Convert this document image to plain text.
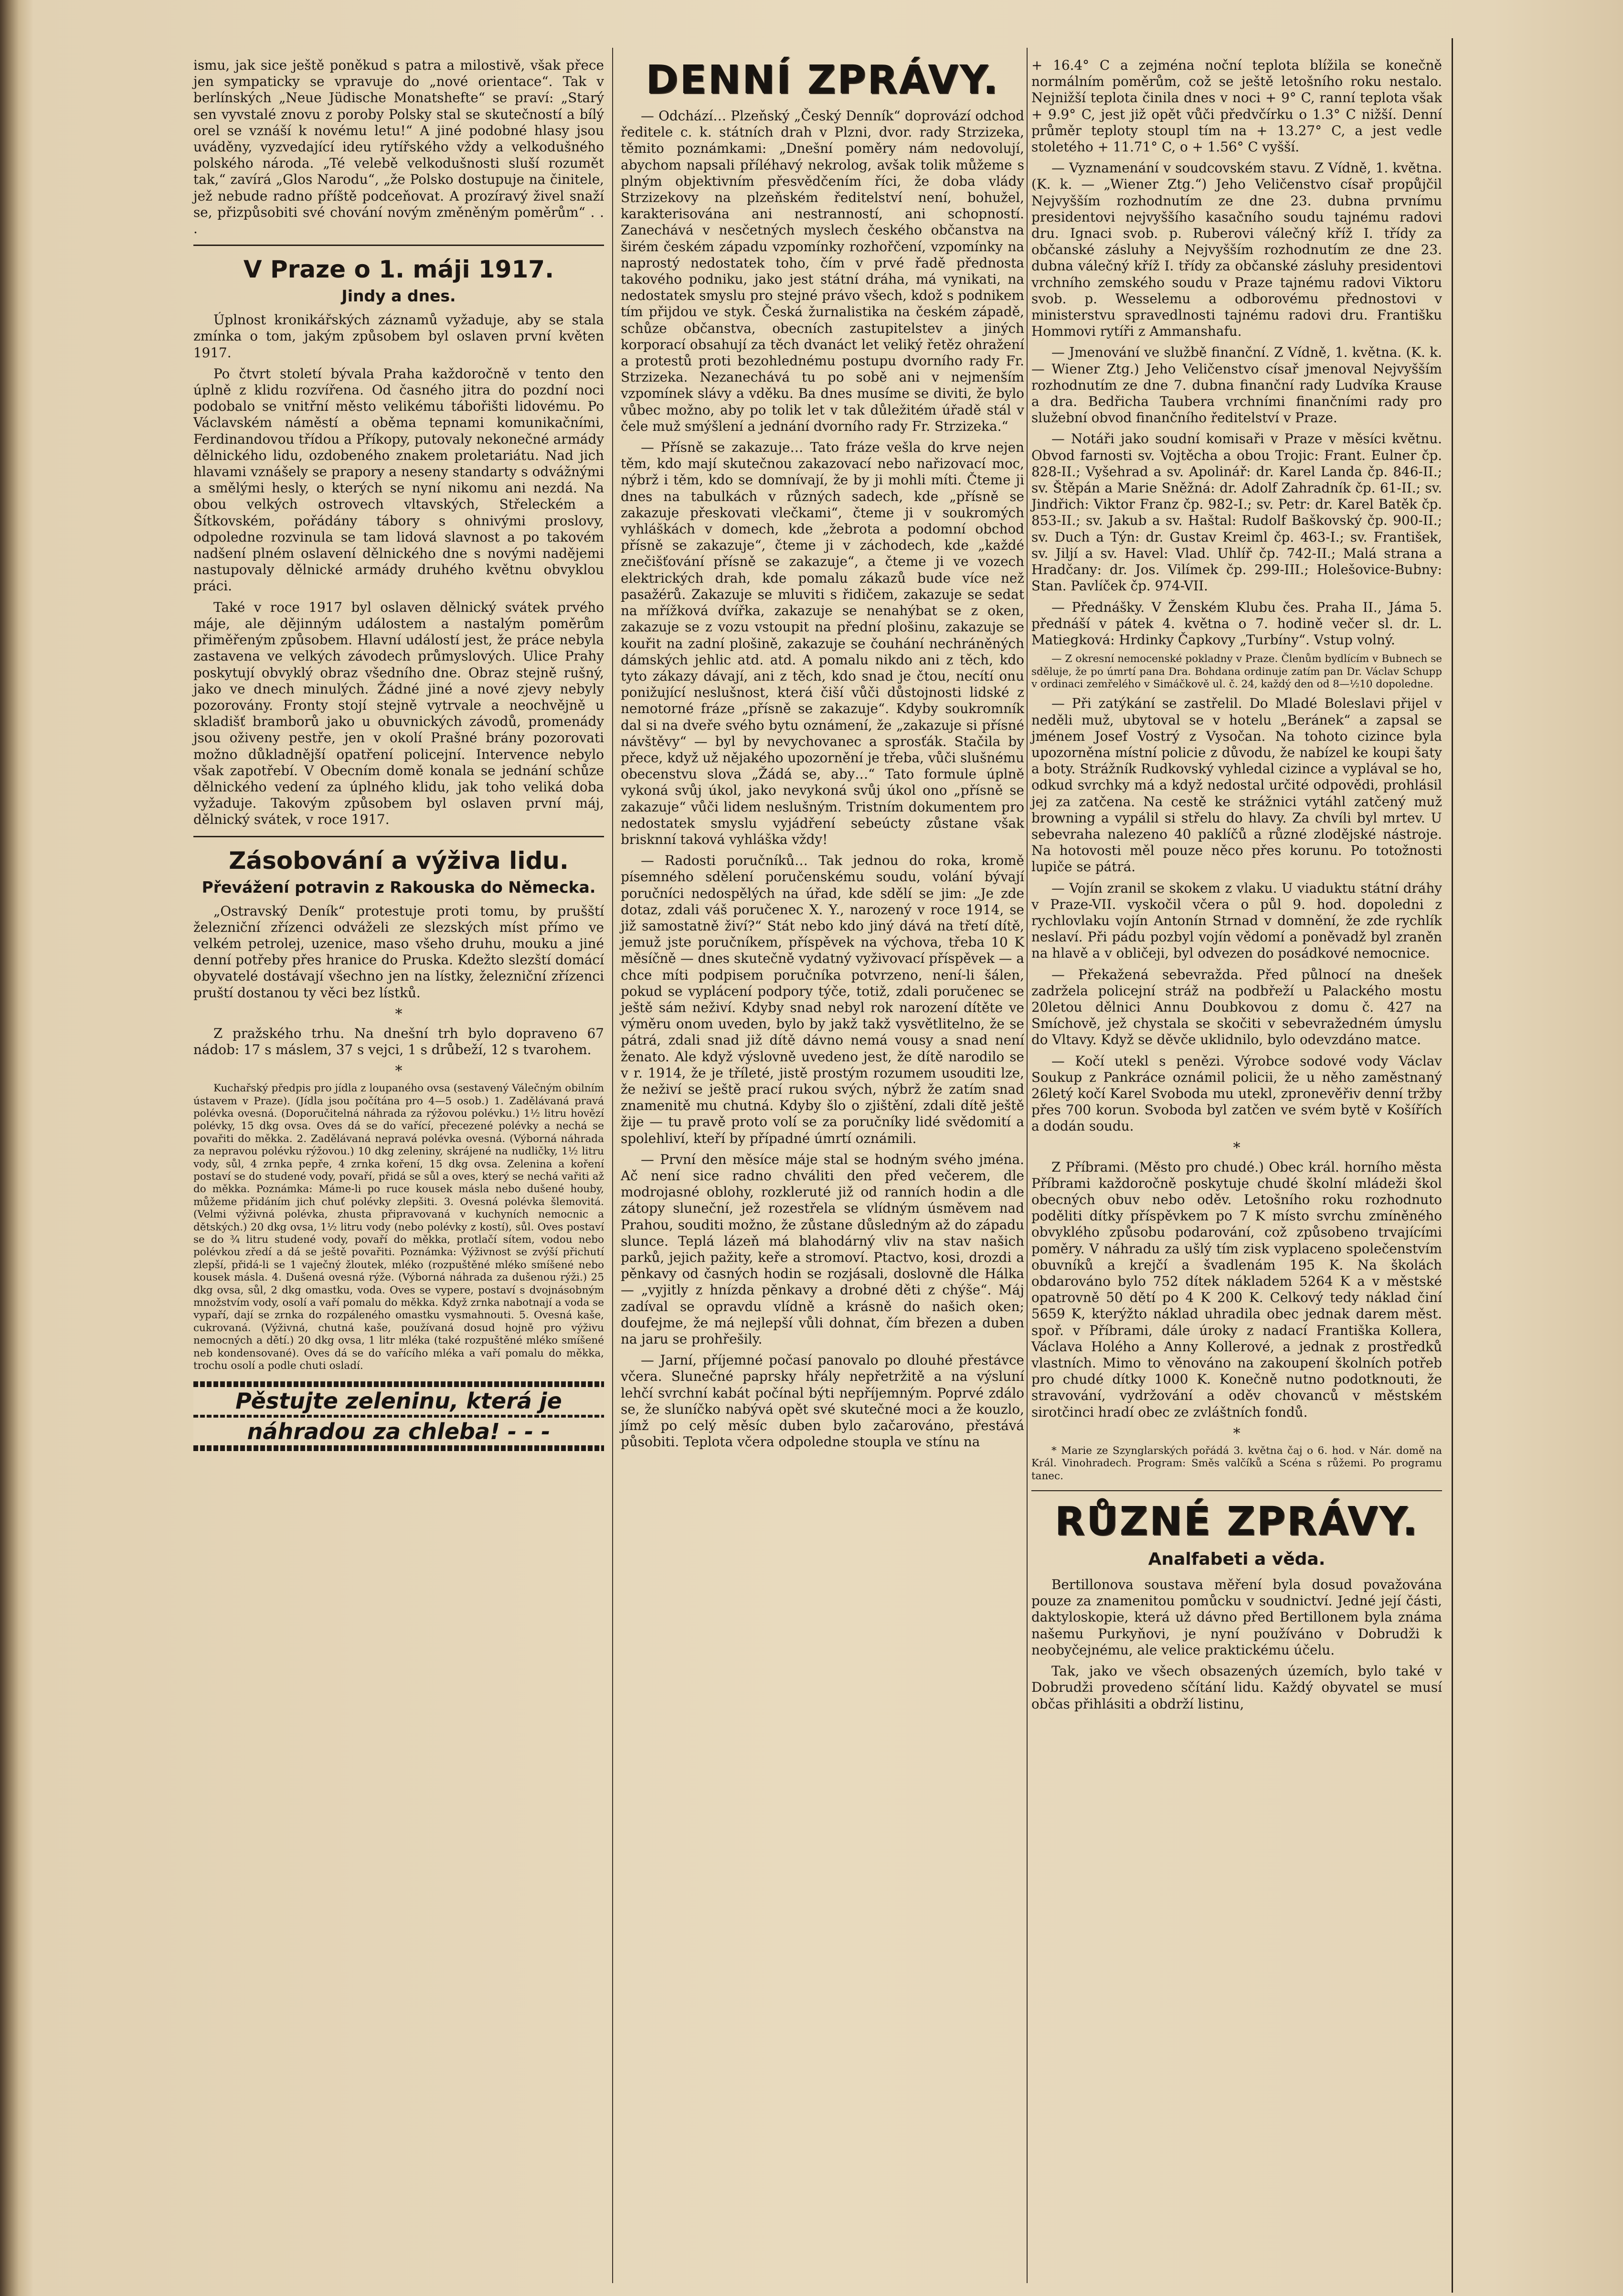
ismu, jak sice ještě poněkud s patra a milostivě, však přece jen sympaticky se vpravuje do „nové orientace“. Tak v berlínských „Neue Jüdische Monatshefte“ se praví: „Starý sen vyvstalé znovu z poroby Polsky stal se skutečností a bílý orel se vznáší k novému letu!“ A jiné podobné hlasy jsou uváděny, vyzvedající ideu rytířského vždy a velkodušného polského národa. „Té velebě velkodušnosti sluší rozumět tak,“ zavírá „Glos Narodu“, „že Polsko dostupuje na činitele, jež nebude radno příště podceňovat. A prozíravý živel snaží se, přizpůsobiti své chování novým změněným poměrům“ . . .

V Praze o 1. máji 1917.
Jindy a dnes.

Úplnost kronikářských záznamů vyžaduje, aby se stala zmínka o tom, jakým způsobem byl oslaven první květen 1917.

Po čtvrt století bývala Praha každoročně v tento den úplně z klidu rozvířena. Od časného jitra do pozdní noci podobalo se vnitřní město velikému tábořišti lidovému. Po Václavském náměstí a oběma tepnami komunikačními, Ferdinandovou třídou a Příkopy, putovaly nekonečné armády dělnického lidu, ozdobeného znakem proletariátu. Nad jich hlavami vznášely se prapory a neseny standarty s odvážnými a smělými hesly, o kterých se nyní nikomu ani nezdá. Na obou velkých ostrovech vltavských, Střeleckém a Šítkovském, pořádány tábory s ohnivými proslovy, odpoledne rozvinula se tam lidová slavnost a po takovém nadšení plném oslavení dělnického dne s novými nadějemi nastupovaly dělnické armády druhého květnu obvyklou práci.

Také v roce 1917 byl oslaven dělnický svátek prvého máje, ale dějinným událostem a nastalým poměrům přiměřeným způsobem. Hlavní událostí jest, že práce nebyla zastavena ve velkých závodech průmyslových. Ulice Prahy poskytují obvyklý obraz všedního dne. Obraz stejně rušný, jako ve dnech minulých. Žádné jiné a nové zjevy nebyly pozorovány. Fronty stojí stejně vytrvale a neochvějně u skladišť bramborů jako u obuvnických závodů, promenády jsou oživeny pestře, jen v okolí Prašné brány pozorovati možno důkladnější opatření policejní. Intervence nebylo však zapotřebí. V Obecním domě konala se jednání schůze dělnického vedení za úplného klidu, jak toho veliká doba vyžaduje. Takovým způsobem byl oslaven první máj, dělnický svátek, v roce 1917.

Zásobování a výživa lidu.
Převážení potravin z Rakouska do Německa.

„Ostravský Deník“ protestuje proti tomu, by prušští železniční zřízenci odváželi ze slezských míst přímo ve velkém petrolej, uzenice, maso všeho druhu, mouku a jiné denní potřeby přes hranice do Pruska. Kdežto slezští domácí obyvatelé dostávají všechno jen na lístky, železniční zřízenci pruští dostanou ty věci bez lístků.

*

Z pražského trhu. Na dnešní trh bylo dopraveno 67 nádob: 17 s máslem, 37 s vejci, 1 s drůbeží, 12 s tvarohem.

*

Kuchařský předpis pro jídla z loupaného ovsa (sestavený Válečným obilním ústavem v Praze). (Jídla jsou počítána pro 4—5 osob.) 1. Zadělávaná pravá polévka ovesná. (Doporučitelná náhrada za rýžovou polévku.) 1½ litru hovězí polévky, 15 dkg ovsa. Oves dá se do vařící, přecezené polévky a nechá se povařiti do měkka. 2. Zadělávaná nepravá polévka ovesná. (Výborná náhrada za nepravou polévku rýžovou.) 10 dkg zeleniny, skrájené na nudličky, 1½ litru vody, sůl, 4 zrnka pepře, 4 zrnka koření, 15 dkg ovsa. Zelenina a koření postaví se do studené vody, povaří, přidá se sůl a oves, který se nechá vařiti až do měkka. Poznámka: Máme-li po ruce kousek másla nebo dušené houby, můžeme přidáním jich chuť polévky zlepšiti. 3. Ovesná polévka šlemovitá. (Velmi výživná polévka, zhusta připravovaná v kuchyních nemocnic a dětských.) 20 dkg ovsa, 1½ litru vody (nebo polévky z kostí), sůl. Oves postaví se do ¾ litru studené vody, povaří do měkka, protlačí sítem, vodou nebo polévkou zředí a dá se ještě povařiti. Poznámka: Výživnost se zvýší přichutí zlepší, přidá-li se 1 vaječný žloutek, mléko (rozpuštěné mléko smíšené nebo kousek másla. 4. Dušená ovesná rýže. (Výborná náhrada za dušenou rýži.) 25 dkg ovsa, sůl, 2 dkg omastku, voda. Oves se vypere, postaví s dvojnásobným množstvím vody, osolí a vaří pomalu do měkka. Když zrnka nabotnají a voda se vypaří, dají se zrnka do rozpáleného omastku vysmahnouti. 5. Ovesná kaše, cukrovaná. (Výživná, chutná kaše, používaná dosud hojně pro výživu nemocných a dětí.) 20 dkg ovsa, 1 litr mléka (také rozpuštěné mléko smíšené neb kondensované). Oves dá se do vařícího mléka a vaří pomalu do měkka, trochu osolí a podle chuti osladí.

Pěstujte zeleninu, která je
náhradou za chleba! - - -
DENNÍ ZPRÁVY.

— Odchází… Plzeňský „Český Denník“ doprovází odchod ředitele c. k. státních drah v Plzni, dvor. rady Strzizeka, těmito poznámkami: „Dnešní poměry nám nedovolují, abychom napsali příléhavý nekrolog, avšak tolik můžeme s plným objektivním přesvědčením říci, že doba vlády Strzizekovy na plzeňském ředitelství není, bohužel, karakterisována ani nestranností, ani schopností. Zanechává v nesčetných myslech českého občanstva na širém českém západu vzpomínky rozhořčení, vzpomínky na naprostý nedostatek toho, čím v prvé řadě přednosta takového podniku, jako jest státní dráha, má vynikati, na nedostatek smyslu pro stejné právo všech, kdož s podnikem tím přijdou ve styk. Česká žurnalistika na českém západě, schůze občanstva, obecních zastupitelstev a jiných korporací obsahují za těch dvanáct let veliký řetěz ohražení a protestů proti bezohlednému postupu dvorního rady Fr. Strzizeka. Nezanechává tu po sobě ani v nejmenším vzpomínek slávy a vděku. Ba dnes musíme se diviti, že bylo vůbec možno, aby po tolik let v tak důležitém úřadě stál v čele muž smýšlení a jednání dvorního rady Fr. Strzizeka.“

— Přísně se zakazuje… Tato fráze vešla do krve nejen těm, kdo mají skutečnou zakazovací nebo nařizovací moc, nýbrž i těm, kdo se domnívají, že by ji mohli míti. Čteme ji dnes na tabulkách v různých sadech, kde „přísně se zakazuje přeskovati vlečkami“, čteme ji v soukromých vyhláškách v domech, kde „žebrota a podomní obchod přísně se zakazuje“, čteme ji v záchodech, kde „každé znečišťování přísně se zakazuje“, a čteme ji ve vozech elektrických drah, kde pomalu zákazů bude více než pasažérů. Zakazuje se mluviti s řidičem, zakazuje se sedat na mřížková dvířka, zakazuje se nenahýbat se z oken, zakazuje se z vozu vstoupit na přední plošinu, zakazuje se kouřit na zadní plošině, zakazuje se čouhání nechráněných dámských jehlic atd. atd. A pomalu nikdo ani z těch, kdo tyto zákazy dávají, ani z těch, kdo snad je čtou, necítí onu ponižující neslušnost, která čiší vůči důstojnosti lidské z nemotorné fráze „přísně se zakazuje“. Kdyby soukromník dal si na dveře svého bytu oznámení, že „zakazuje si přísné návštěvy“ — byl by nevychovanec a sprosťák. Stačila by přece, když už nějakého upozornění je třeba, vůči slušnému obecenstvu slova „Žádá se, aby…“ Tato formule úplně vykoná svůj úkol, jako nevykoná svůj úkol ono „přísně se zakazuje“ vůči lidem neslušným. Tristním dokumentem pro nedostatek smyslu vyjádření sebeúcty zůstane však brisknní taková vyhláška vždy!

— Radosti poručníků… Tak jednou do roka, kromě písemného sdělení poručenskému soudu, volání bývají poručníci nedospělých na úřad, kde sdělí se jim: „Je zde dotaz, zdali váš poručenec X. Y., narozený v roce 1914, se již samostatně živí?“ Stát nebo kdo jiný dává na třetí dítě, jemuž jste poručníkem, příspěvek na výchova, třeba 10 K měsíčně — dnes skutečně vydatný vyživovací příspěvek — a chce míti podpisem poručníka potvrzeno, není-li šálen, pokud se vyplácení podpory týče, totiž, zdali poručenec se ještě sám neživí. Kdyby snad nebyl rok narození dítěte ve výměru onom uveden, bylo by jakž takž vysvětlitelno, že se pátrá, zdali snad již dítě dávno nemá vousy a snad není ženato. Ale když výslovně uvedeno jest, že dítě narodilo se v r. 1914, že je tříleté, jistě prostým rozumem usouditi lze, že neživí se ještě prací rukou svých, nýbrž že zatím snad znamenitě mu chutná. Kdyby šlo o zjištění, zdali dítě ještě žije — tu pravě proto volí se za poručníky lidé svědomití a spolehliví, kteří by případné úmrtí oznámili.

— První den měsíce máje stal se hodným svého jména. Ač není sice radno chváliti den před večerem, dle modrojasné oblohy, rozkleruté již od ranních hodin a dle zátopy sluneční, jež rozestřela se vlídným úsměvem nad Prahou, souditi možno, že zůstane důsledným až do západu slunce. Teplá lázeň má blahodárný vliv na stav našich parků, jejich pažity, keře a stromoví. Ptactvo, kosi, drozdi a pěnkavy od časných hodin se rozjásali, doslovně dle Hálka — „vyjitly z hnízda pěnkavy a drobné děti z chýše“. Máj zadíval se opravdu vlídně a krásně do našich oken; doufejme, že má nejlepší vůli dohnat, čím březen a duben na jaru se prohřešily.

— Jarní, příjemné počasí panovalo po dlouhé přestávce včera. Slunečné paprsky hřály nepřetržitě a na výsluní lehčí svrchní kabát počínal býti nepříjemným. Poprvé zdálo se, že sluníčko nabývá opět své skutečné moci a že kouzlo, jímž po celý měsíc duben bylo začarováno, přestává působiti. Teplota včera odpoledne stoupla ve stínu na

+ 16.4° C a zejména noční teplota blížila se konečně normálním poměrům, což se ještě letošního roku nestalo. Nejnižší teplota činila dnes v noci + 9° C, ranní teplota však + 9.9° C, jest již opět vůči předvčírku o 1.3° C nižší. Denní průměr teploty stoupl tím na + 13.27° C, a jest vedle stoletého + 11.71° C, o + 1.56° C vyšší.

— Vyznamenání v soudcovském stavu. Z Vídně, 1. května. (K. k. — „Wiener Ztg.“) Jeho Veličenstvo císař propůjčil Nejvyšším rozhodnutím ze dne 23. dubna prvnímu presidentovi nejvyššího kasačního soudu tajnému radovi dru. Ignaci svob. p. Ruberovi válečný kříž I. třídy za občanské zásluhy a Nejvyšším rozhodnutím ze dne 23. dubna válečný kříž I. třídy za občanské zásluhy presidentovi vrchního zemského soudu v Praze tajnému radovi Viktoru svob. p. Wesselemu a odborovému přednostovi v ministerstvu spravedlnosti tajnému radovi dru. Františku Hommovi rytíři z Ammanshafu.

— Jmenování ve službě finanční. Z Vídně, 1. května. (K. k. — Wiener Ztg.) Jeho Veličenstvo císař jmenoval Nejvyšším rozhodnutím ze dne 7. dubna finanční rady Ludvíka Krause a dra. Bedřicha Taubera vrchními finančními rady pro služební obvod finančního ředitelství v Praze.

— Notáři jako soudní komisaři v Praze v měsíci květnu. Obvod farnosti sv. Vojtěcha a obou Trojic: Frant. Eulner čp. 828-II.; Vyšehrad a sv. Apolinář: dr. Karel Landa čp. 846-II.; sv. Štěpán a Marie Sněžná: dr. Adolf Zahradník čp. 61-II.; sv. Jindřich: Viktor Franz čp. 982-I.; sv. Petr: dr. Karel Batěk čp. 853-II.; sv. Jakub a sv. Haštal: Rudolf Baškovský čp. 900-II.; sv. Duch a Týn: dr. Gustav Kreiml čp. 463-I.; sv. František, sv. Jiljí a sv. Havel: Vlad. Uhlíř čp. 742-II.; Malá strana a Hradčany: dr. Jos. Vilímek čp. 299-III.; Holešovice-Bubny: Stan. Pavlíček čp. 974-VII.

— Přednášky. V Ženském Klubu čes. Praha II., Jáma 5. přednáší v pátek 4. května o 7. hodině večer sl. dr. L. Matiegková: Hrdinky Čapkovy „Turbíny“. Vstup volný.

— Z okresní nemocenské pokladny v Praze. Členům bydlícím v Bubnech se sděluje, že po úmrtí pana Dra. Bohdana ordinuje zatím pan Dr. Václav Schupp v ordinaci zemřelého v Simáčkově ul. č. 24, každý den od 8—½10 dopoledne.

— Při zatýkání se zastřelil. Do Mladé Boleslavi přijel v neděli muž, ubytoval se v hotelu „Beránek“ a zapsal se jménem Josef Vostrý z Vysočan. Na tohoto cizince byla upozorněna místní policie z důvodu, že nabízel ke koupi šaty a boty. Strážník Rudkovský vyhledal cizince a vyplával se ho, odkud svrchky má a když nedostal určité odpovědi, prohlásil jej za zatčena. Na cestě ke strážnici vytáhl zatčený muž browning a vypálil si střelu do hlavy. Za chvíli byl mrtev. U sebevraha nalezeno 40 paklíčů a různé zlodějské nástroje. Na hotovosti měl pouze něco přes korunu. Po totožnosti lupiče se pátrá.

— Vojín zranil se skokem z vlaku. U viaduktu státní dráhy v Praze-VII. vyskočil včera o půl 9. hod. dopoledni z rychlovlaku vojín Antonín Strnad v domnění, že zde rychlík neslaví. Při pádu pozbyl vojín vědomí a poněvadž byl zraněn na hlavě a v obličeji, byl odvezen do posádkové nemocnice.

— Překažená sebevražda. Před půlnocí na dnešek zadržela policejní stráž na podbřeží u Palackého mostu 20letou dělnici Annu Doubkovou z domu č. 427 na Smíchově, jež chystala se skočiti v sebevražedném úmyslu do Vltavy. Když se děvče uklidnilo, bylo odevzdáno matce.

— Kočí utekl s penězi. Výrobce sodové vody Václav Soukup z Pankráce oznámil policii, že u něho zaměstnaný 26letý kočí Karel Svoboda mu utekl, zpronevěřiv denní tržby přes 700 korun. Svoboda byl zatčen ve svém bytě v Košířích a dodán soudu.

*

Z Příbrami. (Město pro chudé.) Obec král. horního města Příbrami každoročně poskytuje chudé školní mládeži škol obecných obuv nebo oděv. Letošního roku rozhodnuto poděliti dítky příspěvkem po 7 K místo svrchu zmíněného obvyklého způsobu podarování, což způsobeno trvajícími poměry. V náhradu za ušlý tím zisk vyplaceno společenstvím obuvníků a krejčí a švadlenám 195 K. Na školách obdarováno bylo 752 dítek nákladem 5264 K a v městské opatrovně 50 dětí po 4 K 200 K. Celkový tedy náklad činí 5659 K, kterýžto náklad uhradila obec jednak darem měst. spoř. v Příbrami, dále úroky z nadací Františka Kollera, Václava Holého a Anny Kollerové, a jednak z prostředků vlastních. Mimo to věnováno na zakoupení školních potřeb pro chudé dítky 1000 K. Konečně nutno podotknouti, že stravování, vydržování a oděv chovanců v městském sirotčinci hradí obec ze zvláštních fondů.

*

* Marie ze Szynglarských pořádá 3. května čaj o 6. hod. v Nár. domě na Král. Vinohradech. Program: Směs valčíků a Scéna s růžemi. Po programu tanec.

RŮZNÉ ZPRÁVY.
Analfabeti a věda.

Bertillonova soustava měření byla dosud považována pouze za znamenitou pomůcku v soudnictví. Jedné její části, daktyloskopie, která už dávno před Bertillonem byla známa našemu Purkyňovi, je nyní používáno v Dobrudži k neobyčejnému, ale velice praktickému účelu.

Tak, jako ve všech obsazených územích, bylo také v Dobrudži provedeno sčítání lidu. Každý obyvatel se musí občas přihlásiti a obdrží listinu,
